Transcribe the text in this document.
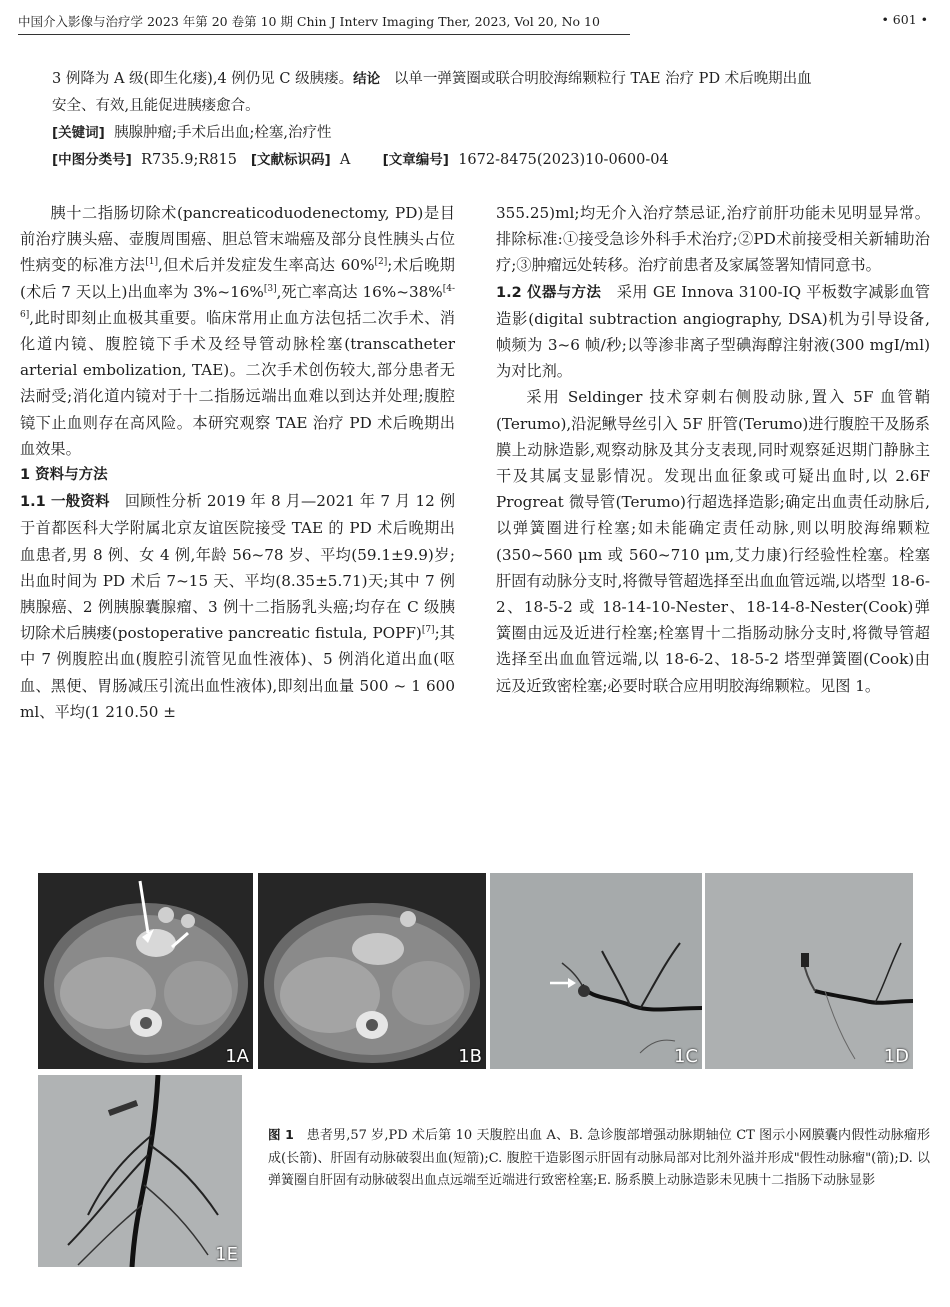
中国介入影像与治疗学 2023 年第 20 卷第 10 期 Chin J Interv Imaging Ther, 2023, Vol 20, No 10	• 601 •
3 例降为 A 级(即生化瘘),4 例仍见 C 级胰瘘。结论 以单一弹簧圈或联合明胶海绵颗粒行 TAE 治疗 PD 术后晚期出血
安全、有效,且能促进胰瘘愈合。
[关键词] 胰腺肿瘤;手术后出血;栓塞,治疗性
[中图分类号] R735.9;R815 [文献标识码] A [文章编号] 1672-8475(2023)10-0600-04

胰十二指肠切除术(pancreaticoduodenectomy, PD)是目前治疗胰头癌、壶腹周围癌、胆总管末端癌及部分良性胰头占位性病变的标准方法[1],但术后并发症发生率高达 60%[2];术后晚期(术后 7 天以上)出血率为 3%~16%[3],死亡率高达 16%~38%[4-6],此时即刻止血极其重要。临床常用止血方法包括二次手术、消化道内镜、腹腔镜下手术及经导管动脉栓塞(transcatheter arterial embolization, TAE)。二次手术创伤较大,部分患者无法耐受;消化道内镜对于十二指肠远端出血难以到达并处理;腹腔镜下止血则存在高风险。本研究观察 TAE 治疗 PD 术后晚期出血效果。

1 资料与方法

1.1 一般资料 回顾性分析 2019 年 8 月—2021 年 7 月 12 例于首都医科大学附属北京友谊医院接受 TAE 的 PD 术后晚期出血患者,男 8 例、女 4 例,年龄 56~78 岁、平均(59.1±9.9)岁;出血时间为 PD 术后 7~15 天、平均(8.35±5.71)天;其中 7 例胰腺癌、2 例胰腺囊腺瘤、3 例十二指肠乳头癌;均存在 C 级胰切除术后胰瘘(postoperative pancreatic fistula, POPF)[7];其中 7 例腹腔出血(腹腔引流管见血性液体)、5 例消化道出血(呕血、黑便、胃肠减压引流出血性液体),即刻出血量 500 ~ 1 600 ml、平均(1 210.50 ±

355.25)ml;均无介入治疗禁忌证,治疗前肝功能未见明显异常。排除标准:①接受急诊外科手术治疗;②PD术前接受相关新辅助治疗;③肿瘤远处转移。治疗前患者及家属签署知情同意书。

1.2 仪器与方法 采用 GE Innova 3100-IQ 平板数字减影血管造影(digital subtraction angiography, DSA)机为引导设备,帧频为 3~6 帧/秒;以等渗非离子型碘海醇注射液(300 mgI/ml)为对比剂。

采用 Seldinger 技术穿刺右侧股动脉,置入 5F 血管鞘(Terumo),沿泥鳅导丝引入 5F 肝管(Terumo)进行腹腔干及肠系膜上动脉造影,观察动脉及其分支表现,同时观察延迟期门静脉主干及其属支显影情况。发现出血征象或可疑出血时,以 2.6F Progreat 微导管(Terumo)行超选择造影;确定出血责任动脉后,以弹簧圈进行栓塞;如未能确定责任动脉,则以明胶海绵颗粒(350~560 μm 或 560~710 μm,艾力康)行经验性栓塞。栓塞肝固有动脉分支时,将微导管超选择至出血血管远端,以塔型 18-6-2、18-5-2 或 18-14-10-Nester、18-14-8-Nester(Cook)弹簧圈由远及近进行栓塞;栓塞胃十二指肠动脉分支时,将微导管超选择至出血血管远端,以 18-6-2、18-5-2 塔型弹簧圈(Cook)由远及近致密栓塞;必要时联合应用明胶海绵颗粒。见图 1。

1A	1B	1C	1D
1E
图 1 患者男,57 岁,PD 术后第 10 天腹腔出血 A、B. 急诊腹部增强动脉期轴位 CT 图示小网膜囊内假性动脉瘤形成(长箭)、肝固有动脉破裂出血(短箭);C. 腹腔干造影图示肝固有动脉局部对比剂外溢并形成"假性动脉瘤"(箭);D. 以弹簧圈自肝固有动脉破裂出血点远端至近端进行致密栓塞;E. 肠系膜上动脉造影未见胰十二指肠下动脉显影
